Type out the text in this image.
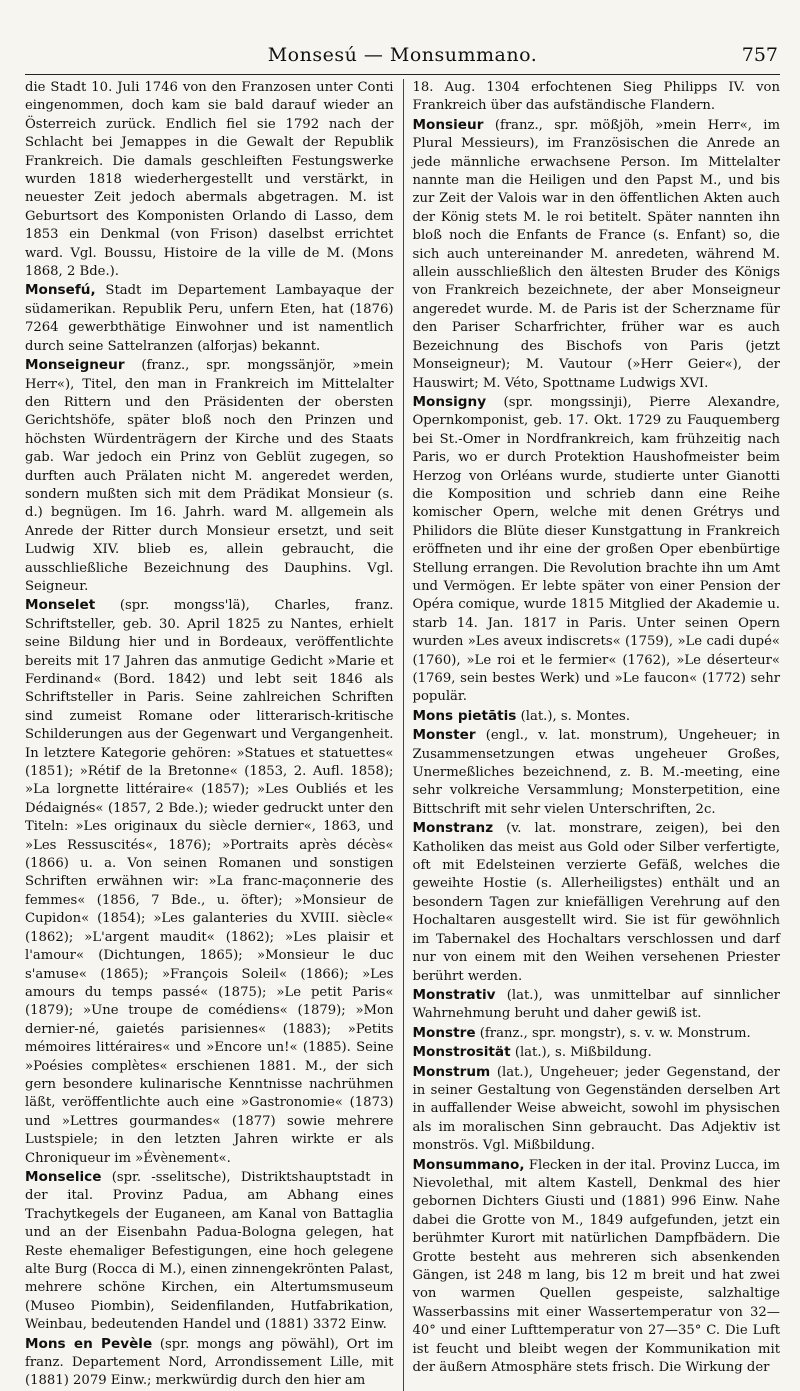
Monsesú — Monsummano.	757

die Stadt 10. Juli 1746 von den Franzosen unter Conti eingenommen, doch kam sie bald darauf wieder an Österreich zurück. Endlich fiel sie 1792 nach der Schlacht bei Jemappes in die Gewalt der Republik Frankreich. Die damals geschleiften Festungswerke wurden 1818 wiederhergestellt und verstärkt, in neuester Zeit jedoch abermals abgetragen. M. ist Geburtsort des Komponisten Orlando di Lasso, dem 1853 ein Denkmal (von Frison) daselbst errichtet ward. Vgl. Boussu, Histoire de la ville de M. (Mons 1868, 2 Bde.).

Monsefú, Stadt im Departement Lambayaque der südamerikan. Republik Peru, unfern Eten, hat (1876) 7264 gewerbthätige Einwohner und ist namentlich durch seine Sattelranzen (alforjas) bekannt.

Monseigneur (franz., spr. mongssänjör, »mein Herr«), Titel, den man in Frankreich im Mittelalter den Rittern und den Präsidenten der obersten Gerichtshöfe, später bloß noch den Prinzen und höchsten Würdenträgern der Kirche und des Staats gab. War jedoch ein Prinz von Geblüt zugegen, so durften auch Prälaten nicht M. angeredet werden, sondern mußten sich mit dem Prädikat Monsieur (s. d.) begnügen. Im 16. Jahrh. ward M. allgemein als Anrede der Ritter durch Monsieur ersetzt, und seit Ludwig XIV. blieb es, allein gebraucht, die ausschließliche Bezeichnung des Dauphins. Vgl. Seigneur.

Monselet (spr. mongss'lä), Charles, franz. Schriftsteller, geb. 30. April 1825 zu Nantes, erhielt seine Bildung hier und in Bordeaux, veröffentlichte bereits mit 17 Jahren das anmutige Gedicht »Marie et Ferdinand« (Bord. 1842) und lebt seit 1846 als Schriftsteller in Paris. Seine zahlreichen Schriften sind zumeist Romane oder litterarisch-kritische Schilderungen aus der Gegenwart und Vergangenheit. In letztere Kategorie gehören: »Statues et statuettes« (1851); »Rétif de la Bretonne« (1853, 2. Aufl. 1858); »La lorgnette littéraire« (1857); »Les Oubliés et les Dédaignés« (1857, 2 Bde.); wieder gedruckt unter den Titeln: »Les originaux du siècle dernier«, 1863, und »Les Ressuscités«, 1876); »Portraits après décès« (1866) u. a. Von seinen Romanen und sonstigen Schriften erwähnen wir: »La franc-maçonnerie des femmes« (1856, 7 Bde., u. öfter); »Monsieur de Cupidon« (1854); »Les galanteries du XVIII. siècle« (1862); »L'argent maudit« (1862); »Les plaisir et l'amour« (Dichtungen, 1865); »Monsieur le duc s'amuse« (1865); »François Soleil« (1866); »Les amours du temps passé« (1875); »Le petit Paris« (1879); »Une troupe de comédiens« (1879); »Mon dernier-né, gaietés parisiennes« (1883); »Petits mémoires littéraires« und »Encore un!« (1885). Seine »Poésies complètes« erschienen 1881. M., der sich gern besondere kulinarische Kenntnisse nachrühmen läßt, veröffentlichte auch eine »Gastronomie« (1873) und »Lettres gourmandes« (1877) sowie mehrere Lustspiele; in den letzten Jahren wirkte er als Chroniqueur im »Évènement«.

Monselice (spr. -sselitsche), Distriktshauptstadt in der ital. Provinz Padua, am Abhang eines Trachytkegels der Euganeen, am Kanal von Battaglia und an der Eisenbahn Padua-Bologna gelegen, hat Reste ehemaliger Befestigungen, eine hoch gelegene alte Burg (Rocca di M.), einen zinnengekrönten Palast, mehrere schöne Kirchen, ein Altertumsmuseum (Museo Piombin), Seidenfilanden, Hutfabrikation, Weinbau, bedeutenden Handel und (1881) 3372 Einw.

Mons en Pevèle (spr. mongs ang pöwähl), Ort im franz. Departement Nord, Arrondissement Lille, mit (1881) 2079 Einw.; merkwürdig durch den hier am

18. Aug. 1304 erfochtenen Sieg Philipps IV. von Frankreich über das aufständische Flandern.

Monsieur (franz., spr. mößjöh, »mein Herr«, im Plural Messieurs), im Französischen die Anrede an jede männliche erwachsene Person. Im Mittelalter nannte man die Heiligen und den Papst M., und bis zur Zeit der Valois war in den öffentlichen Akten auch der König stets M. le roi betitelt. Später nannten ihn bloß noch die Enfants de France (s. Enfant) so, die sich auch untereinander M. anredeten, während M. allein ausschließlich den ältesten Bruder des Königs von Frankreich bezeichnete, der aber Monseigneur angeredet wurde. M. de Paris ist der Scherzname für den Pariser Scharfrichter, früher war es auch Bezeichnung des Bischofs von Paris (jetzt Monseigneur); M. Vautour (»Herr Geier«), der Hauswirt; M. Véto, Spottname Ludwigs XVI.

Monsigny (spr. mongssinji), Pierre Alexandre, Opernkomponist, geb. 17. Okt. 1729 zu Fauquemberg bei St.-Omer in Nordfrankreich, kam frühzeitig nach Paris, wo er durch Protektion Haushofmeister beim Herzog von Orléans wurde, studierte unter Gianotti die Komposition und schrieb dann eine Reihe komischer Opern, welche mit denen Grétrys und Philidors die Blüte dieser Kunstgattung in Frankreich eröffneten und ihr eine der großen Oper ebenbürtige Stellung errangen. Die Revolution brachte ihn um Amt und Vermögen. Er lebte später von einer Pension der Opéra comique, wurde 1815 Mitglied der Akademie u. starb 14. Jan. 1817 in Paris. Unter seinen Opern wurden »Les aveux indiscrets« (1759), »Le cadi dupé« (1760), »Le roi et le fermier« (1762), »Le déserteur« (1769, sein bestes Werk) und »Le faucon« (1772) sehr populär.

Mons pietātis (lat.), s. Montes.

Monster (engl., v. lat. monstrum), Ungeheuer; in Zusammensetzungen etwas ungeheuer Großes, Unermeßliches bezeichnend, z. B. M.-meeting, eine sehr volkreiche Versammlung; Monsterpetition, eine Bittschrift mit sehr vielen Unterschriften, 2c.

Monstranz (v. lat. monstrare, zeigen), bei den Katholiken das meist aus Gold oder Silber verfertigte, oft mit Edelsteinen verzierte Gefäß, welches die geweihte Hostie (s. Allerheiligstes) enthält und an besondern Tagen zur kniefälligen Verehrung auf den Hochaltaren ausgestellt wird. Sie ist für gewöhnlich im Tabernakel des Hochaltars verschlossen und darf nur von einem mit den Weihen versehenen Priester berührt werden.

Monstrativ (lat.), was unmittelbar auf sinnlicher Wahrnehmung beruht und daher gewiß ist.

Monstre (franz., spr. mongstr), s. v. w. Monstrum.

Monstrosität (lat.), s. Mißbildung.

Monstrum (lat.), Ungeheuer; jeder Gegenstand, der in seiner Gestaltung von Gegenständen derselben Art in auffallender Weise abweicht, sowohl im physischen als im moralischen Sinn gebraucht. Das Adjektiv ist monströs. Vgl. Mißbildung.

Monsummano, Flecken in der ital. Provinz Lucca, im Nievolethal, mit altem Kastell, Denkmal des hier gebornen Dichters Giusti und (1881) 996 Einw. Nahe dabei die Grotte von M., 1849 aufgefunden, jetzt ein berühmter Kurort mit natürlichen Dampfbädern. Die Grotte besteht aus mehreren sich absenkenden Gängen, ist 248 m lang, bis 12 m breit und hat zwei von warmen Quellen gespeiste, salzhaltige Wasserbassins mit einer Wassertemperatur von 32—40° und einer Lufttemperatur von 27—35° C. Die Luft ist feucht und bleibt wegen der Kommunikation mit der äußern Atmosphäre stets frisch. Die Wirkung der
